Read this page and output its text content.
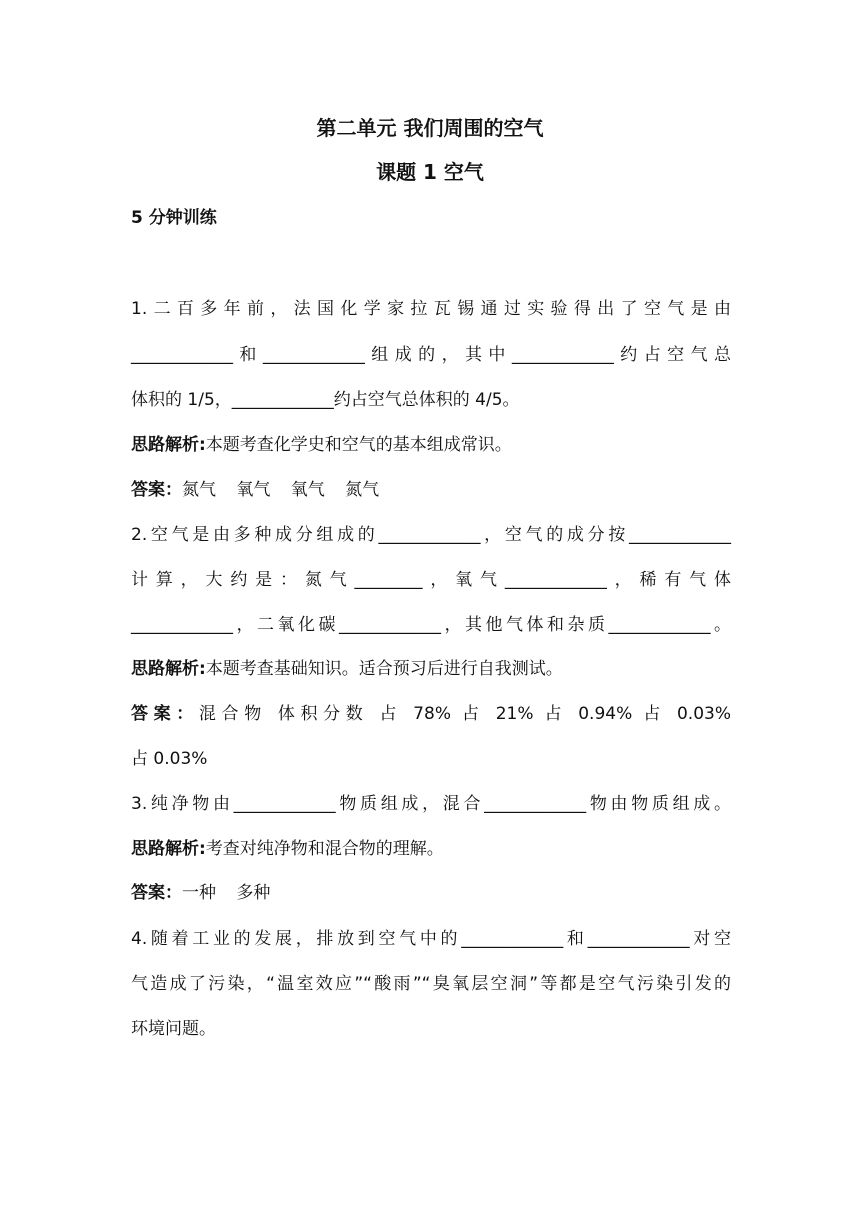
第二单元 我们周围的空气
课题 1 空气
5 分钟训练
1.二百多年前，法国化学家拉瓦锡通过实验得出了空气是由
____________和____________组成的，其中____________约占空气总
体积的 1/5，____________约占空气总体积的 4/5。
思路解析:本题考查化学史和空气的基本组成常识。
答案：氮气 氧气 氧气 氮气
2.空气是由多种成分组成的____________，空气的成分按____________
计算，大约是：氮气________，氧气____________，稀有气体
____________，二氧化碳____________，其他气体和杂质____________。
思路解析:本题考查基础知识。适合预习后进行自我测试。
答案：混合物 体积分数 占 78% 占 21% 占 0.94% 占 0.03%
占 0.03%
3.纯净物由____________物质组成，混合____________物由物质组成。
思路解析:考查对纯净物和混合物的理解。
答案：一种 多种
4.随着工业的发展，排放到空气中的____________和____________对空
气造成了污染，“温室效应”“酸雨”“臭氧层空洞”等都是空气污染引发的
环境问题。
